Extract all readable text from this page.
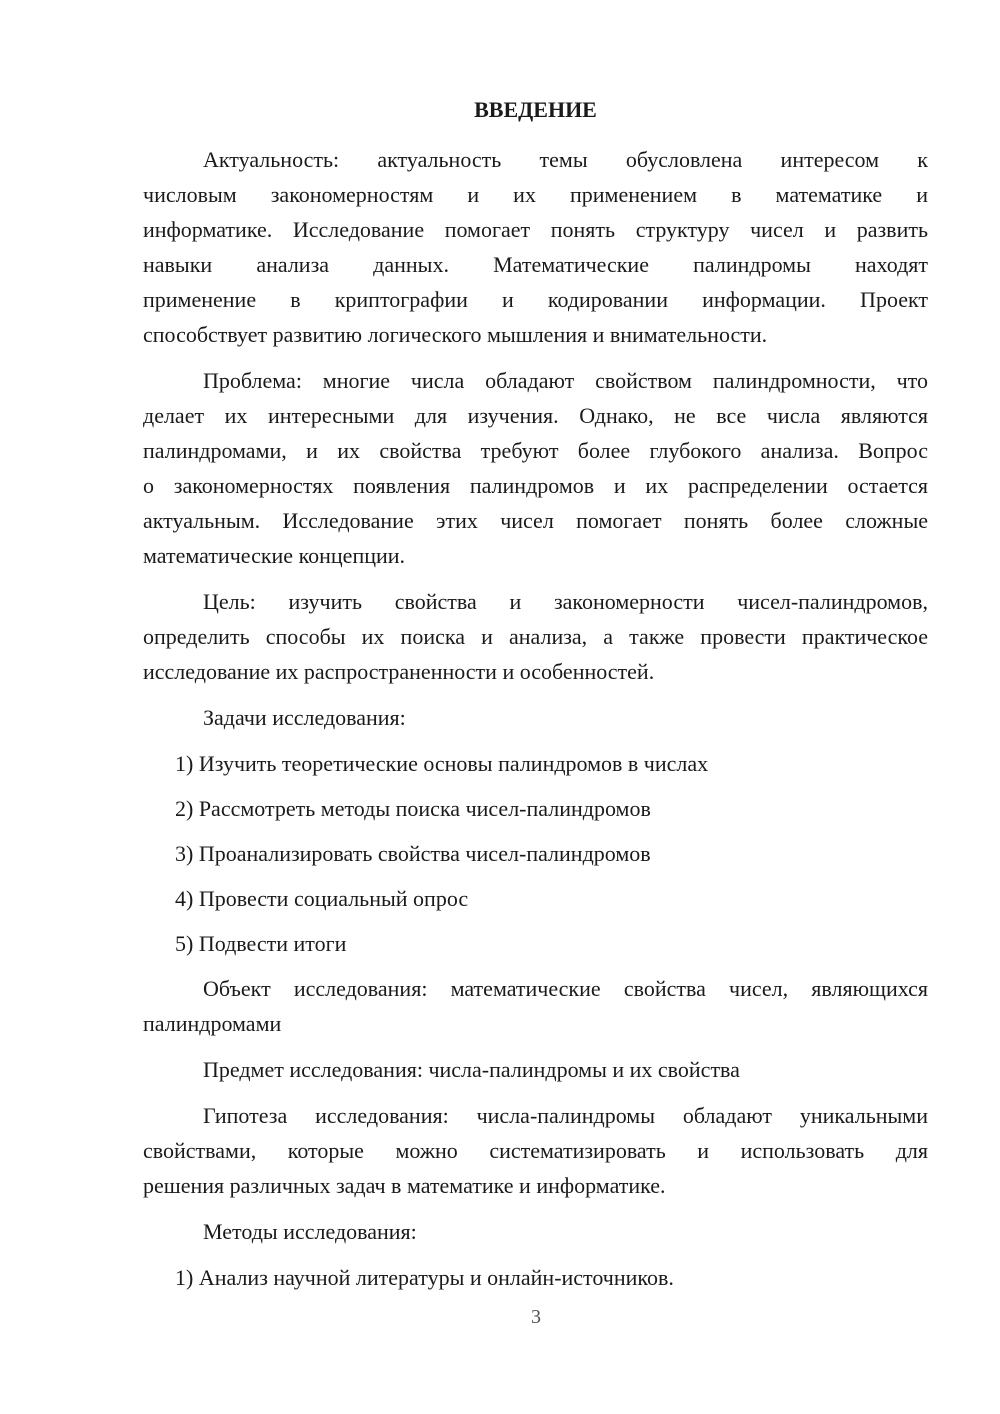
ВВЕДЕНИЕ
Актуальность: актуальность темы обусловлена интересом к
числовым закономерностям и их применением в математике и
информатике. Исследование помогает понять структуру чисел и развить
навыки анализа данных. Математические палиндромы находят
применение в криптографии и кодировании информации. Проект
способствует развитию логического мышления и внимательности.
Проблема: многие числа обладают свойством палиндромности, что
делает их интересными для изучения. Однако, не все числа являются
палиндромами, и их свойства требуют более глубокого анализа. Вопрос
о закономерностях появления палиндромов и их распределении остается
актуальным. Исследование этих чисел помогает понять более сложные
математические концепции.
Цель: изучить свойства и закономерности чисел-палиндромов,
определить способы их поиска и анализа, а также провести практическое
исследование их распространенности и особенностей.
Задачи исследования:
1) Изучить теоретические основы палиндромов в числах
2) Рассмотреть методы поиска чисел-палиндромов
3) Проанализировать свойства чисел-палиндромов
4) Провести социальный опрос
5) Подвести итоги
Объект исследования: математические свойства чисел, являющихся
палиндромами
Предмет исследования: числа-палиндромы и их свойства
Гипотеза исследования: числа-палиндромы обладают уникальными
свойствами, которые можно систематизировать и использовать для
решения различных задач в математике и информатике.
Методы исследования:
1) Анализ научной литературы и онлайн-источников.
3
